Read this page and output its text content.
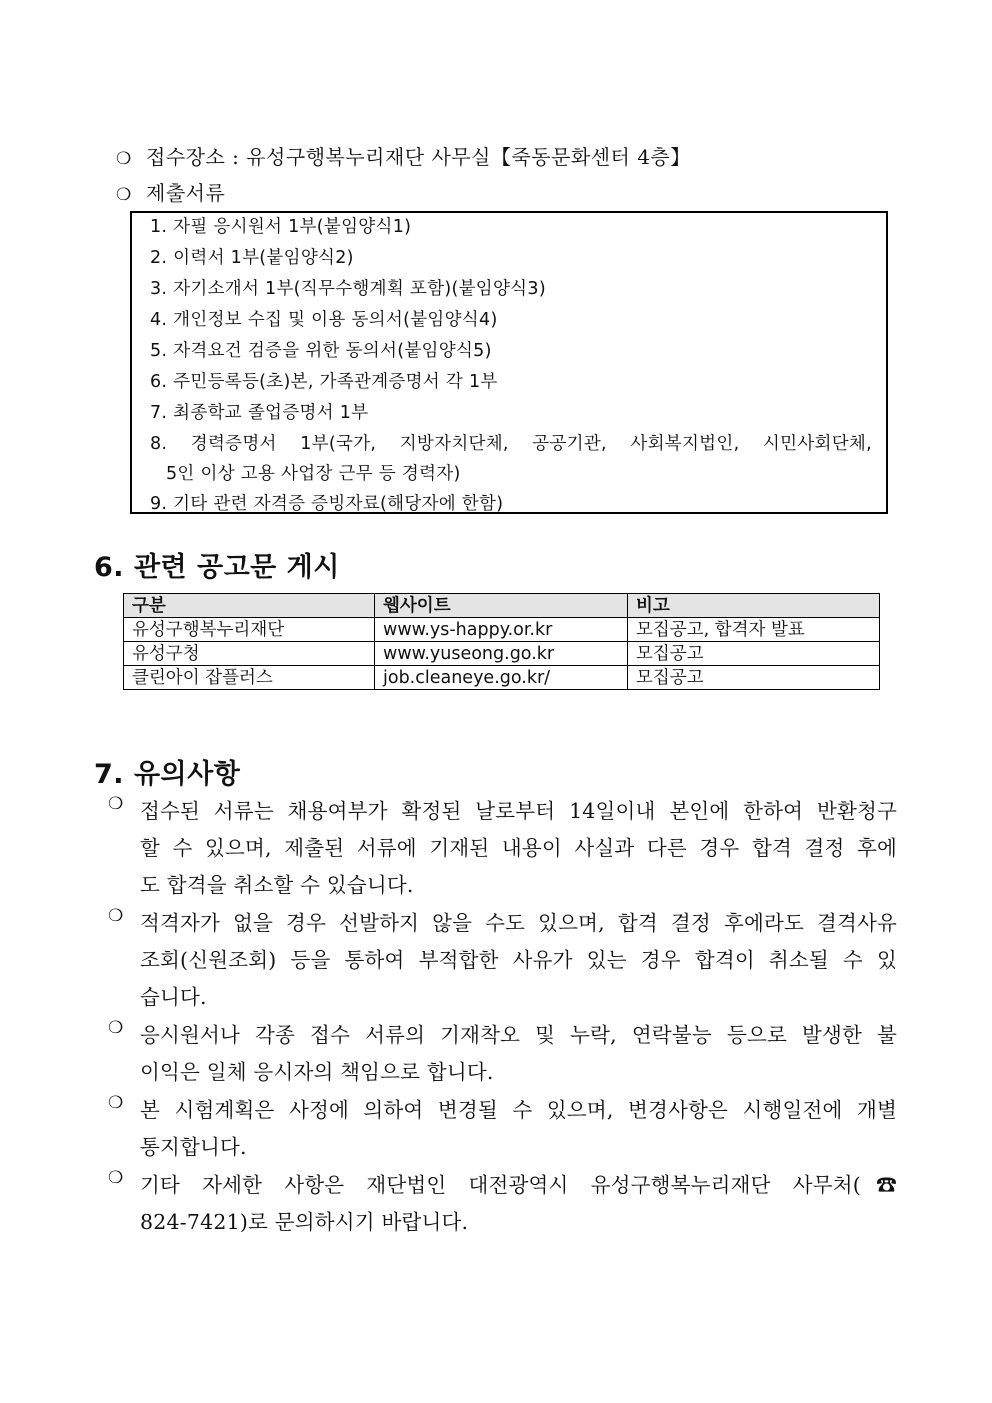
❍ 접수장소 : 유성구행복누리재단 사무실【죽동문화센터 4층】
❍ 제출서류
1. 자필 응시원서 1부(붙임양식1)
2. 이력서 1부(붙임양식2)
3. 자기소개서 1부(직무수행계획 포함)(붙임양식3)
4. 개인정보 수집 및 이용 동의서(붙임양식4)
5. 자격요건 검증을 위한 동의서(붙임양식5)
6. 주민등록등(초)본, 가족관계증명서 각 1부
7. 최종학교 졸업증명서 1부
8. 경력증명서 1부(국가, 지방자치단체, 공공기관, 사회복지법인, 시민사회단체,
5인 이상 고용 사업장 근무 등 경력자)
9. 기타 관련 자격증 증빙자료(해당자에 한함)
6. 관련 공고문 게시
구분	웹사이트	비고
유성구행복누리재단	www.ys-happy.or.kr	모집공고, 합격자 발표
유성구청	www.yuseong.go.kr	모집공고
클린아이 잡플러스	job.cleaneye.go.kr/	모집공고
7. 유의사항
❍ 접수된 서류는 채용여부가 확정된 날로부터 14일이내 본인에 한하여 반환청구
할 수 있으며, 제출된 서류에 기재된 내용이 사실과 다른 경우 합격 결정 후에
도 합격을 취소할 수 있습니다.
❍ 적격자가 없을 경우 선발하지 않을 수도 있으며, 합격 결정 후에라도 결격사유
조회(신원조회) 등을 통하여 부적합한 사유가 있는 경우 합격이 취소될 수 있
습니다.
❍ 응시원서나 각종 접수 서류의 기재착오 및 누락, 연락불능 등으로 발생한 불
이익은 일체 응시자의 책임으로 합니다.
❍ 본 시험계획은 사정에 의하여 변경될 수 있으며, 변경사항은 시행일전에 개별
통지합니다.
❍ 기타 자세한 사항은 재단법인 대전광역시 유성구행복누리재단 사무처(☎
824-7421)로 문의하시기 바랍니다.
